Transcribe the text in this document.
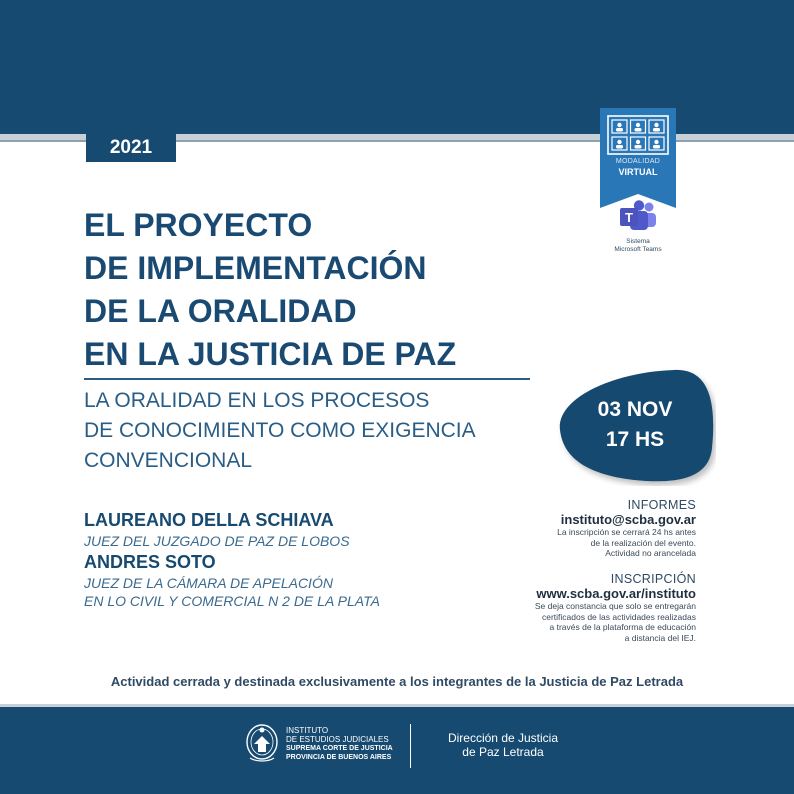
2021
MODALIDAD
VIRTUAL
T
Sistema
Microsoft Teams
EL PROYECTO
DE IMPLEMENTACIÓN
DE LA ORALIDAD
EN LA JUSTICIA DE PAZ
LA ORALIDAD EN LOS PROCESOS
DE CONOCIMIENTO COMO EXIGENCIA
CONVENCIONAL
03 NOV
17 HS
LAUREANO DELLA SCHIAVA
JUEZ DEL JUZGADO DE PAZ DE LOBOS
ANDRES SOTO
JUEZ DE LA CÁMARA DE APELACIÓN
EN LO CIVIL Y COMERCIAL N 2 DE LA PLATA
INFORMES
instituto@scba.gov.ar
La inscripción se cerrará 24 hs antes
de la realización del evento.
Actividad no arancelada
INSCRIPCIÓN
www.scba.gov.ar/instituto
Se deja constancia que solo se entregarán
certificados de las actividades realizadas
a través de la plataforma de educación
a distancia del IEJ.
Actividad cerrada y destinada exclusivamente a los integrantes de la Justicia de Paz Letrada
INSTITUTO
DE ESTUDIOS JUDICIALES
SUPREMA CORTE DE JUSTICIA
PROVINCIA DE BUENOS AIRES
Dirección de Justicia
de Paz Letrada
